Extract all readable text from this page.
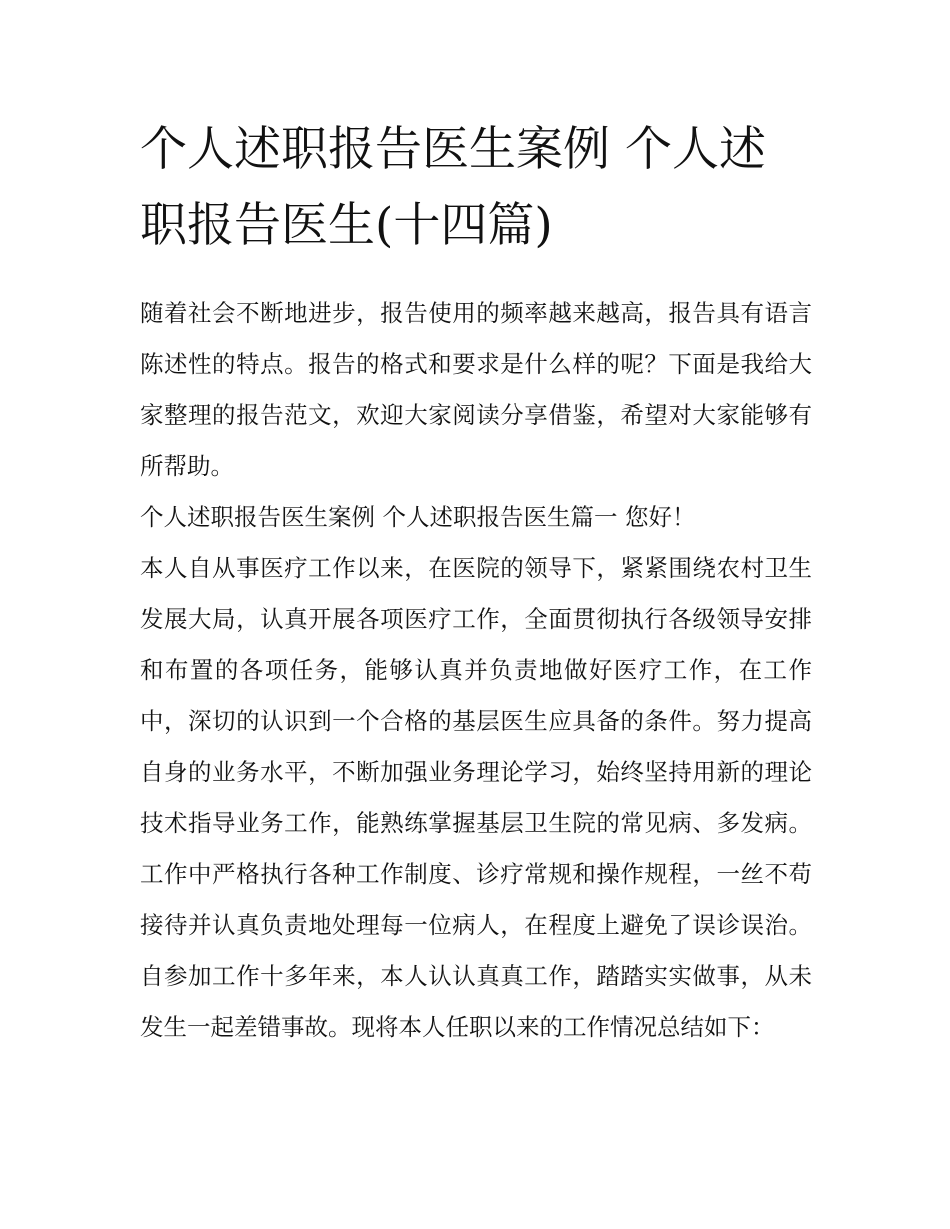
个人述职报告医生案例 个人述职报告医生(十四篇)

随着社会不断地进步，报告使用的频率越来越高，报告具有语言陈述性的特点。报告的格式和要求是什么样的呢？下面是我给大家整理的报告范文，欢迎大家阅读分享借鉴，希望对大家能够有所帮助。

个人述职报告医生案例 个人述职报告医生篇一 您好！

本人自从事医疗工作以来，在医院的领导下，紧紧围绕农村卫生发展大局，认真开展各项医疗工作，全面贯彻执行各级领导安排和布置的各项任务，能够认真并负责地做好医疗工作，在工作中，深切的认识到一个合格的基层医生应具备的条件。努力提高自身的业务水平，不断加强业务理论学习，始终坚持用新的理论技术指导业务工作，能熟练掌握基层卫生院的常见病、多发病。工作中严格执行各种工作制度、诊疗常规和操作规程，一丝不苟接待并认真负责地处理每一位病人，在程度上避免了误诊误治。自参加工作十多年来，本人认认真真工作，踏踏实实做事，从未发生一起差错事故。现将本人任职以来的工作情况总结如下：
